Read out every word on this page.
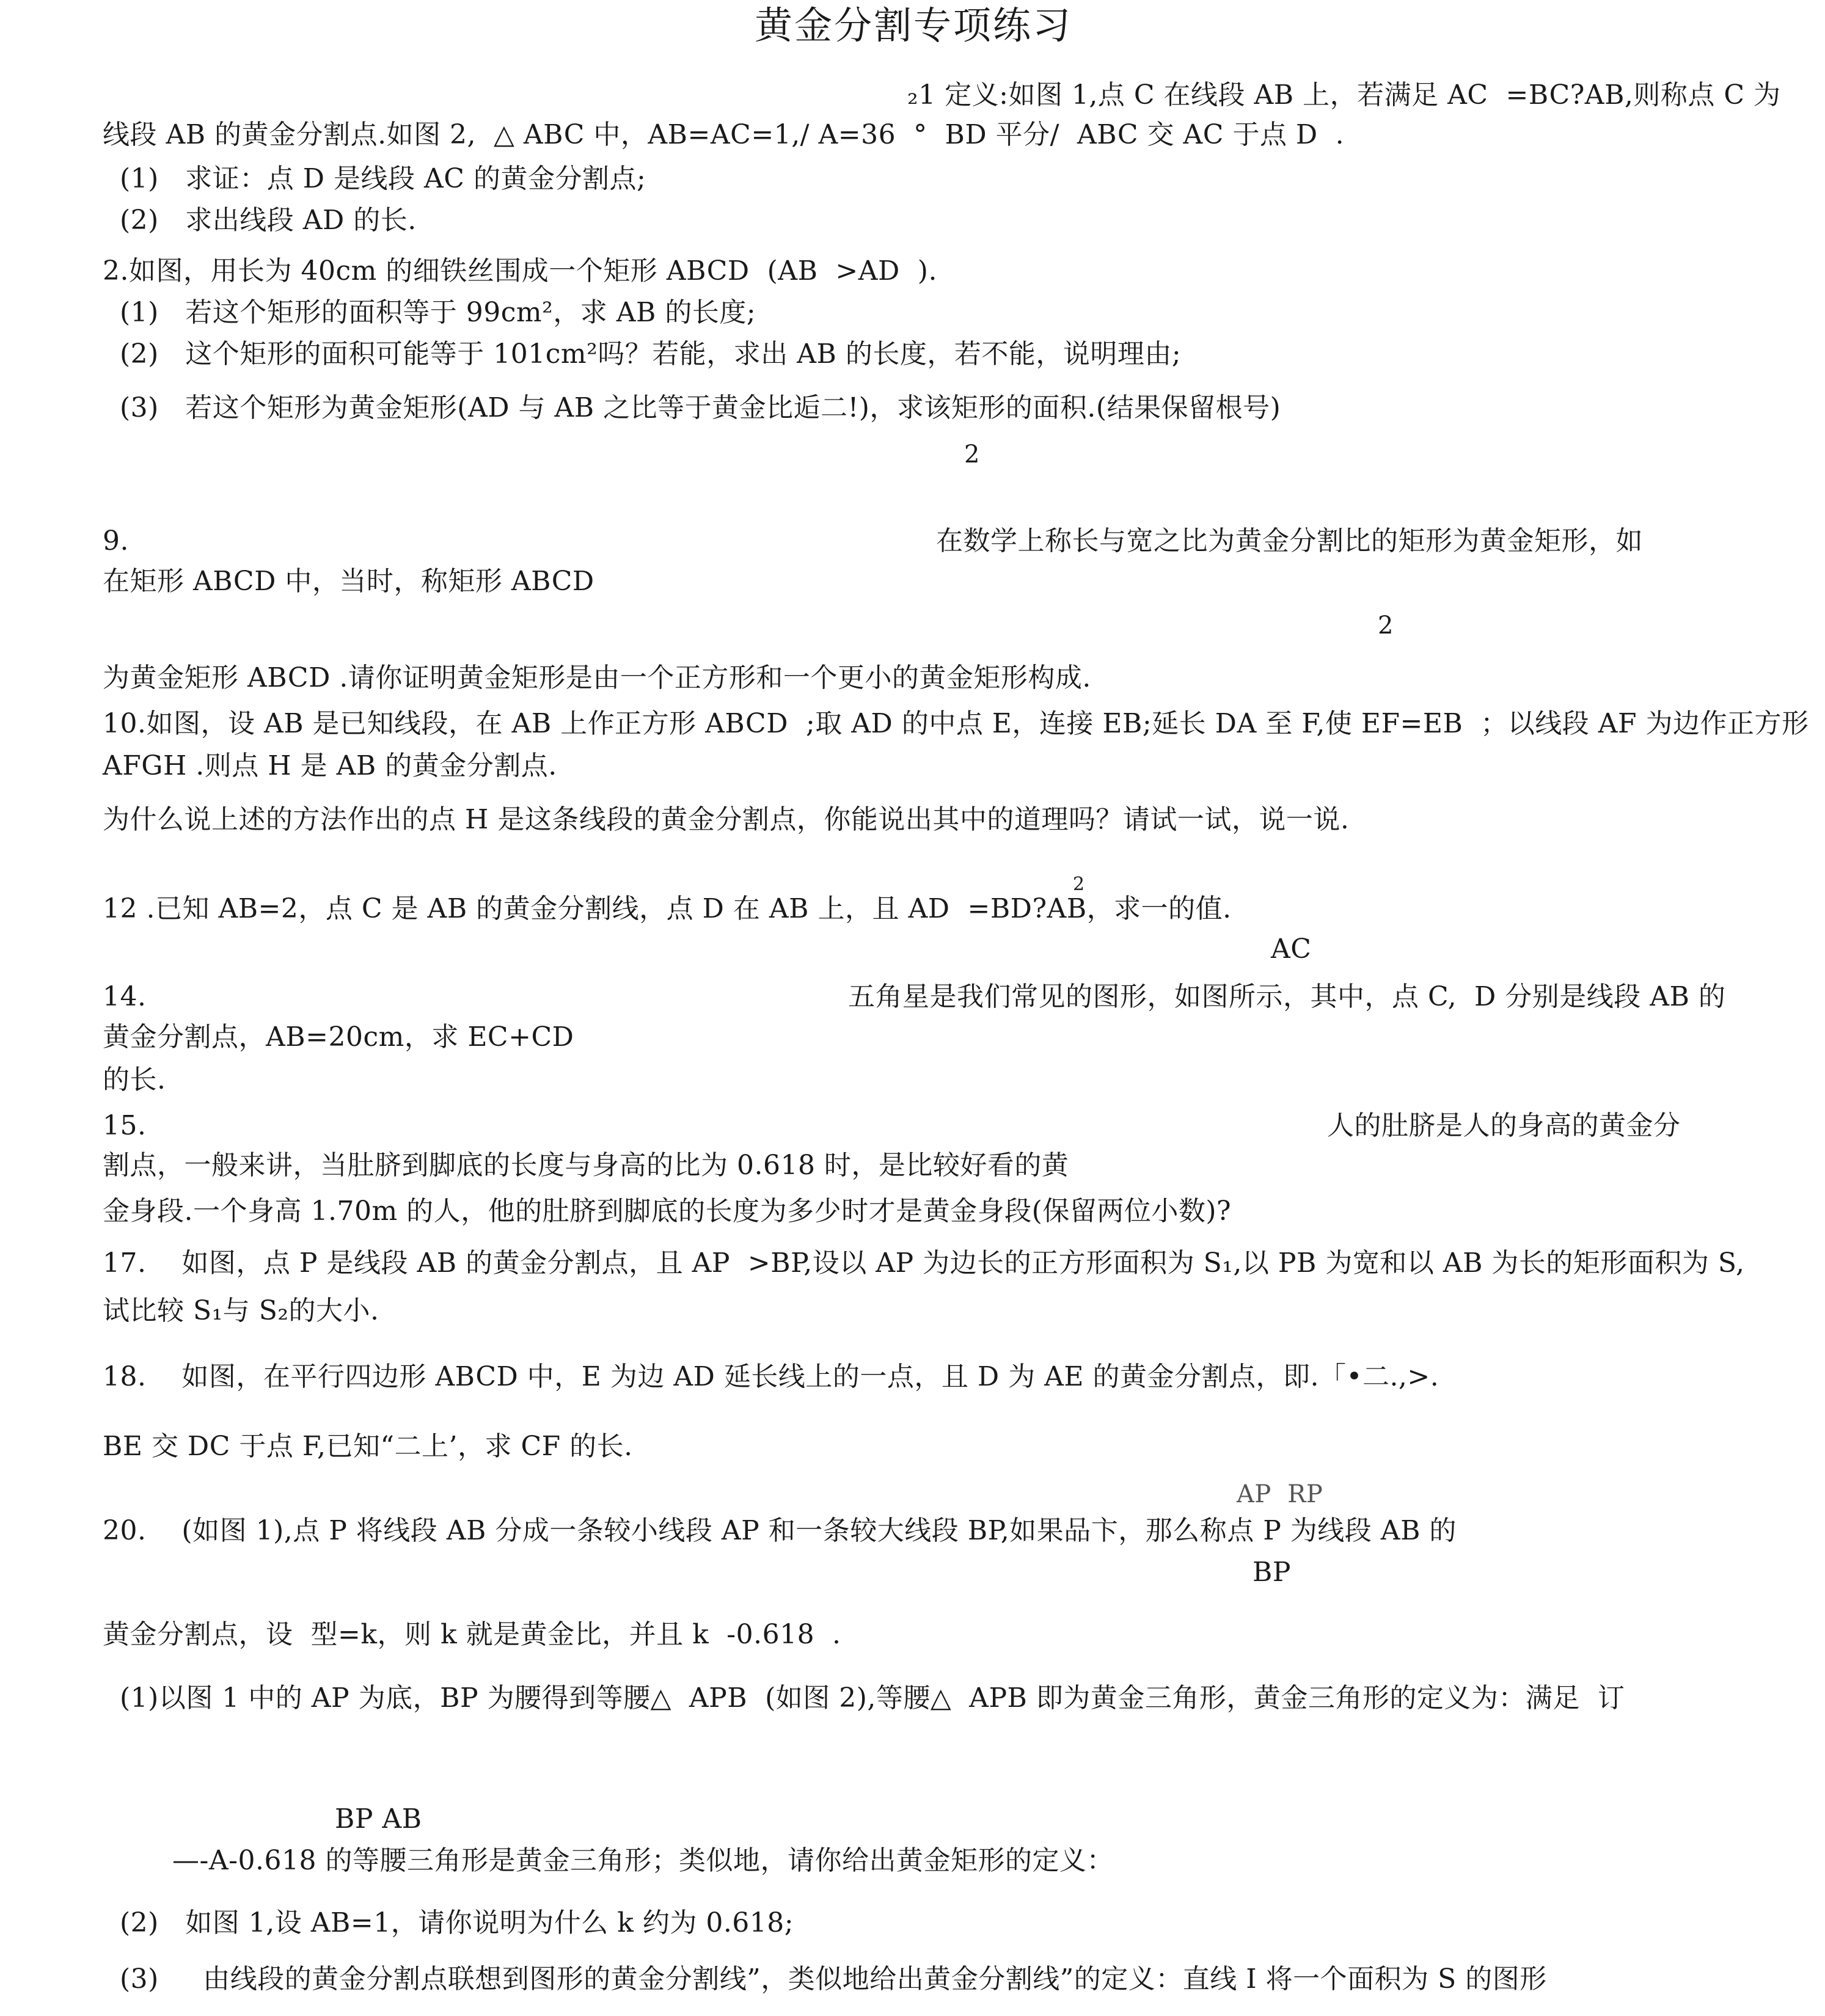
黄金分割专项练习
₂1 定义:如图 1,点 C 在线段 AB 上，若满足 AC  =BC?AB,则称点 C 为
线段 AB 的黄金分割点.如图 2,  △ ABC 中，AB=AC=1,/ A=36  °  BD 平分/  ABC 交 AC 于点 D  .
(1)   求证：点 D 是线段 AC 的黄金分割点;
(2)   求出线段 AD 的长.
2.如图，用长为 40cm 的细铁丝围成一个矩形 ABCD  (AB  >AD  ).
(1)   若这个矩形的面积等于 99cm²，求 AB 的长度;
(2)   这个矩形的面积可能等于 101cm²吗？若能，求出 AB 的长度，若不能，说明理由;
(3)   若这个矩形为黄金矩形(AD 与 AB 之比等于黄金比逅二!)，求该矩形的面积.(结果保留根号)
2
9.	在数学上称长与宽之比为黄金分割比的矩形为黄金矩形，如
在矩形 ABCD 中，当时，称矩形 ABCD
2
为黄金矩形 ABCD .请你证明黄金矩形是由一个正方形和一个更小的黄金矩形构成.
10.如图，设 AB 是已知线段，在 AB 上作正方形 ABCD  ;取 AD 的中点 E，连接 EB;延长 DA 至 F,使 EF=EB  ；以线段 AF 为边作正方形
AFGH .则点 H 是 AB 的黄金分割点.
为什么说上述的方法作出的点 H 是这条线段的黄金分割点，你能说出其中的道理吗？请试一试，说一说.
2
12 .已知 AB=2，点 C 是 AB 的黄金分割线，点 D 在 AB 上，且 AD  =BD?AB，求一的值.
AC
14.	五角星是我们常见的图形，如图所示，其中，点 C,  D 分别是线段 AB 的
黄金分割点，AB=20cm，求 EC+CD
的长.
15.	人的肚脐是人的身高的黄金分
割点，一般来讲，当肚脐到脚底的长度与身高的比为 0.618 时，是比较好看的黄
金身段.一个身高 1.70m 的人，他的肚脐到脚底的长度为多少时才是黄金身段(保留两位小数)?
17.    如图，点 P 是线段 AB 的黄金分割点，且 AP  >BP,设以 AP 为边长的正方形面积为 S₁,以 PB 为宽和以 AB 为长的矩形面积为 S,
试比较 S₁与 S₂的大小.
18.    如图，在平行四边形 ABCD 中，E 为边 AD 延长线上的一点，且 D 为 AE 的黄金分割点，即.「•二.,>.
BE 交 DC 于点 F,已知“二上’，求 CF 的长.
AP  RP
20.    (如图 1),点 P 将线段 AB 分成一条较小线段 AP 和一条较大线段 BP,如果品卞，那么称点 P 为线段 AB 的
BP
黄金分割点，设  型=k，则 k 就是黄金比，并且 k  -0.618  .
(1)以图 1 中的 AP 为底，BP 为腰得到等腰△  APB  (如图 2),等腰△  APB 即为黄金三角形，黄金三角形的定义为：满足  订
BP AB
—-A-0.618 的等腰三角形是黄金三角形；类似地，请你给出黄金矩形的定义：
(2)   如图 1,设 AB=1，请你说明为什么 k 约为 0.618;
(3)     由线段的黄金分割点联想到图形的黄金分割线”，类似地给出黄金分割线”的定义：直线 I 将一个面积为 S 的图形
